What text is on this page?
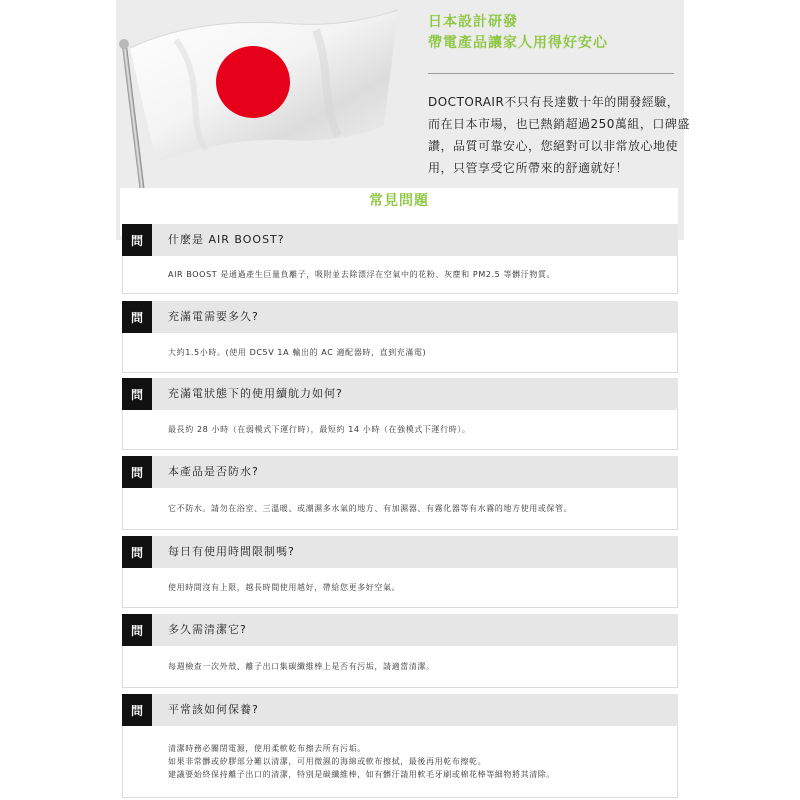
日本設計研發
帶電產品讓家人用得好安心
DOCTORAIR不只有長達數十年的開發經驗，
而在日本市場，也已熱銷超過250萬組，口碑盛
讚，品質可靠安心，您絕對可以非常放心地使
用，只管享受它所帶來的舒適就好！
常見問題
問	什麼是 AIR BOOST?
AIR BOOST 是通過產生巨量負離子，吸附並去除漂浮在空氣中的花粉、灰塵和 PM2.5 等髒汙物質。
問	充滿電需要多久?
大約1.5小時。(使用 DC5V 1A 輸出的 AC 適配器時，直到充滿電)
問	充滿電狀態下的使用續航力如何?
最長約 28 小時（在弱模式下運行時），最短約 14 小時（在強模式下運行時）。
問	本產品是否防水?
它不防水。請勿在浴室、三溫暖、或潮濕多水氣的地方、有加濕器、有霧化器等有水霧的地方使用或保管。
問	每日有使用時間限制嗎?
使用時間沒有上限，越長時間使用越好，帶給您更多好空氣。
問	多久需清潔它?
每週檢查一次外殼、離子出口集碳纖維棒上是否有污垢，請適當清潔。
問	平常該如何保養?
清潔時務必關閉電源，使用柔軟乾布擦去所有污垢。
如果非常髒或矽膠部分難以清潔，可用微濕的海綿或軟布擦拭，最後再用乾布擦乾。
建議要始終保持離子出口的清潔，特別是碳纖維棒，如有髒汙請用軟毛牙刷或棉花棒等細物將其清除。
